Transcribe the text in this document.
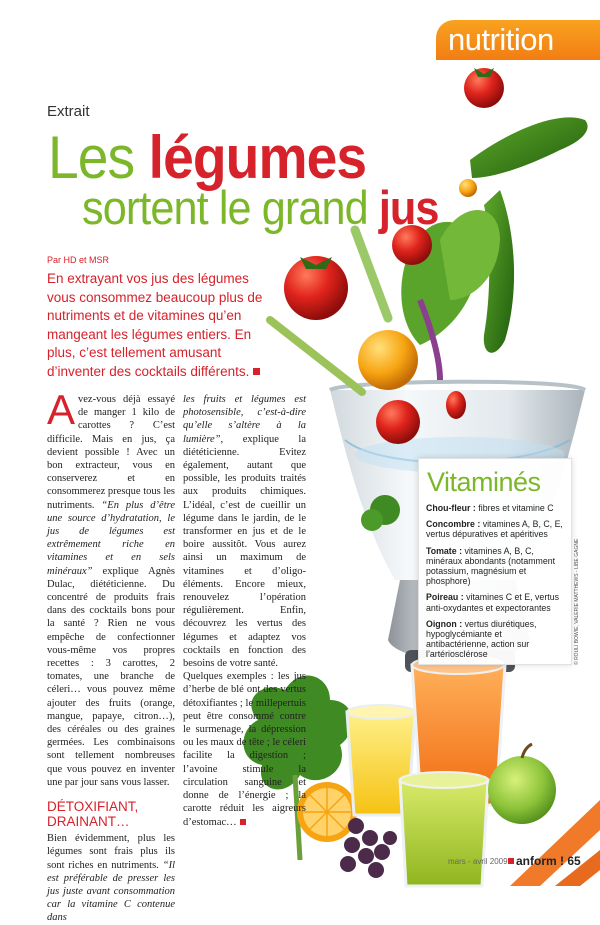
nutrition
Extrait
Les légumes
sortent le grand jus
Par HD et MSR
En extrayant vos jus des légumes vous consommez beaucoup plus de nutriments et de vitamines qu’en mangeant les légumes entiers. En plus, c’est tellement amusant d’inventer des cocktails différents.
Avez-vous déjà essayé de manger 1 kilo de carottes ? C’est difficile. Mais en jus, ça devient possible ! Avec un bon extracteur, vous en conserverez et en consommerez presque tous les nutriments. “En plus d’être une source d’hydratation, le jus de légumes est extrêmement riche en vitamines et en sels minéraux” explique Agnès Dulac, diététicienne. Du concentré de produits frais dans des cocktails bons pour la santé ? Rien ne vous empêche de confectionner vous-même vos propres recettes : 3 carottes, 2 tomates, une branche de céleri… vous pouvez même ajouter des fruits (orange, mangue, papaye, citron…), des céréales ou des graines germées. Les combinaisons sont tellement nombreuses que vous pouvez en inventer une par jour sans vous lasser.
DÉTOXIFIANT, DRAINANT…
Bien évidemment, plus les légumes sont frais plus ils sont riches en nutriments. “Il est préférable de presser les jus juste avant consommation car la vitamine C contenue dans
les fruits et légumes est photosensible, c’est-à-dire qu’elle s’altère à la lumière”, explique la diététicienne. Evitez également, autant que possible, les produits traités aux produits chimiques. L’idéal, c’est de cueillir un légume dans le jardin, de le transformer en jus et de le boire aussitôt. Vous aurez ainsi un maximum de vitamines et d’oligo-éléments. Encore mieux, renouvelez l’opération régulièrement. Enfin, découvrez les vertus des légumes et adaptez vos cocktails en fonction des besoins de votre santé.
Quelques exemples : les jus d’herbe de blé ont des vertus détoxifiantes ; le millepertuis peut être consommé contre le surmenage, la dépression ou les maux de tête ; le céleri facilite la digestion ; l’avoine stimule la circulation sanguine et donne de l’énergie ; la carotte réduit les aigreurs d’estomac…
Vitaminés
Chou-fleur : fibres et vitamine C
Concombre : vitamines A, B, C, E, vertus dépuratives et apéritives
Tomate : vitamines A, B, C, minéraux abondants (notamment potassium, magnésium et phosphore)
Poireau : vitamines C et E, vertus anti-oxydantes et expectorantes
Oignon : vertus diurétiques, hypoglycémiante et antibactérienne, action sur l’artériosclérose	© ROULI BOWIE, VALERIE MATTHEWS - LIBE GAGNE
mars - avril 2009 anform ! 65
